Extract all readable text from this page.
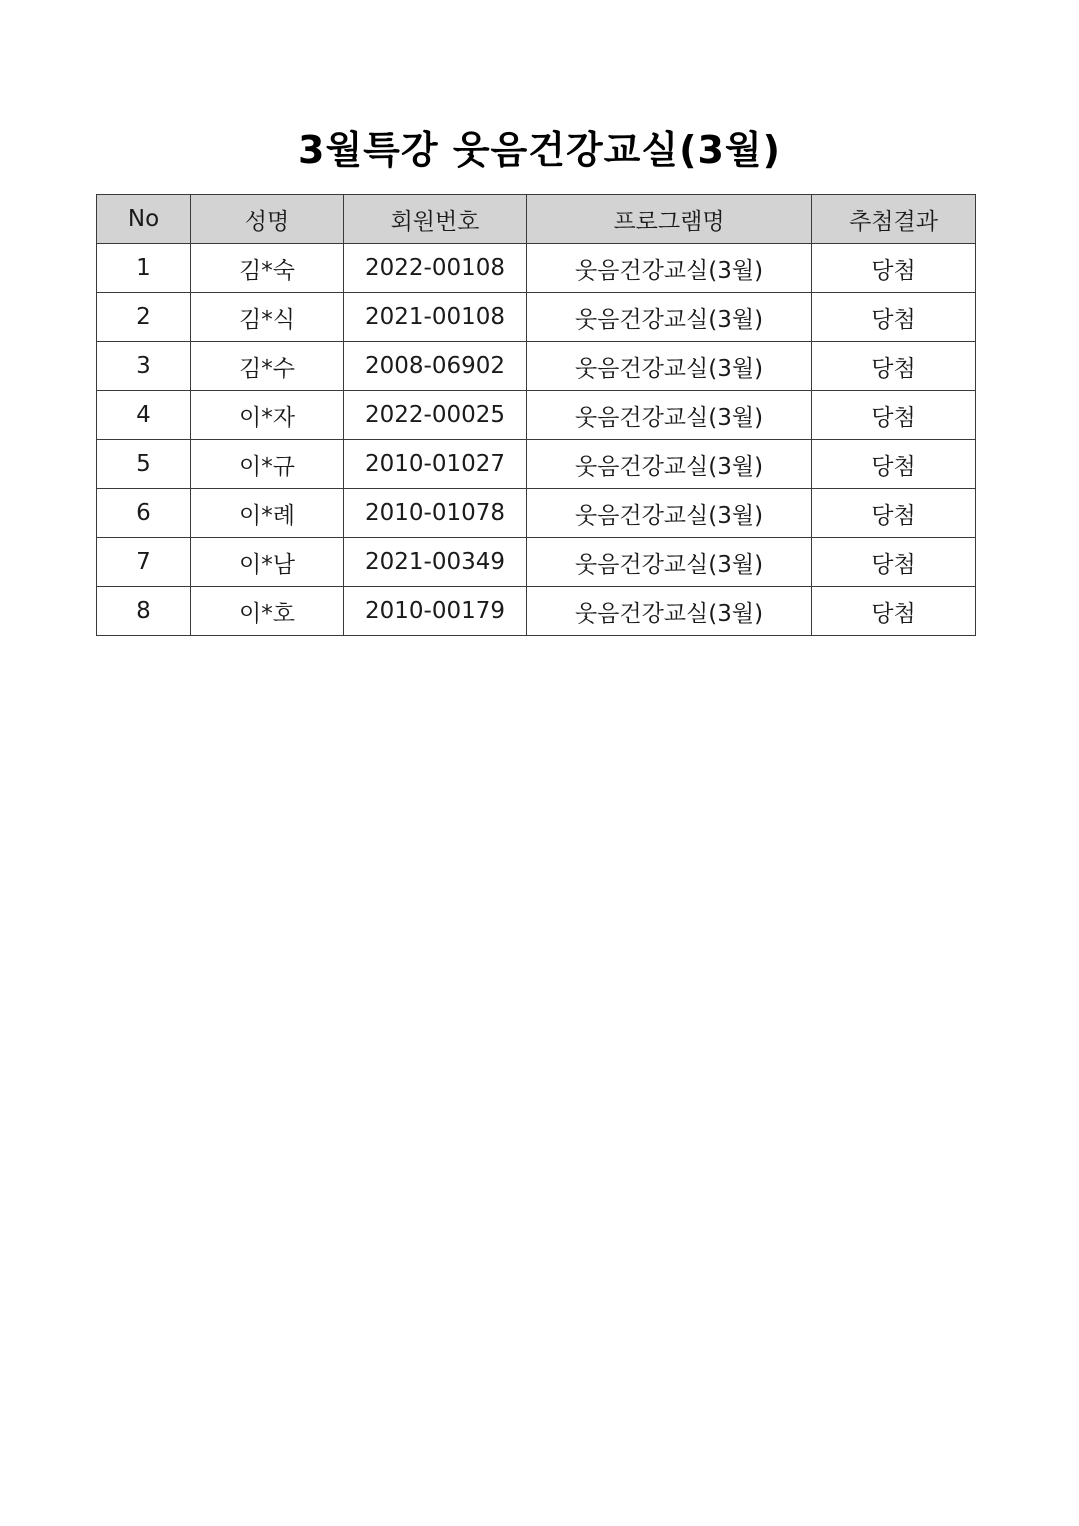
3월특강 웃음건강교실(3월)
No	성명	회원번호	프로그램명	추첨결과
1	김*숙	2022-00108	웃음건강교실(3월)	당첨
2	김*식	2021-00108	웃음건강교실(3월)	당첨
3	김*수	2008-06902	웃음건강교실(3월)	당첨
4	이*자	2022-00025	웃음건강교실(3월)	당첨
5	이*규	2010-01027	웃음건강교실(3월)	당첨
6	이*례	2010-01078	웃음건강교실(3월)	당첨
7	이*남	2021-00349	웃음건강교실(3월)	당첨
8	이*호	2010-00179	웃음건강교실(3월)	당첨
